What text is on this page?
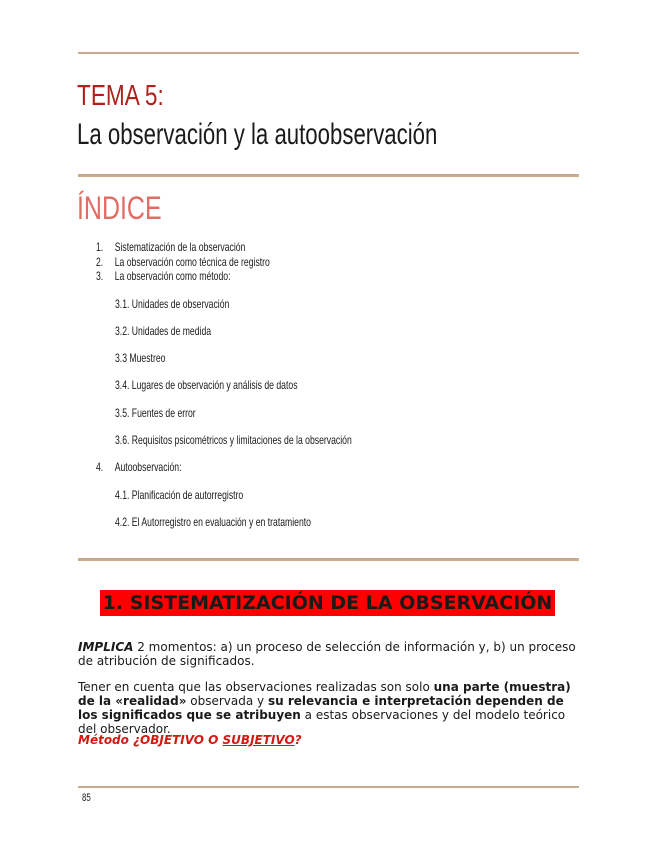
TEMA 5:
La observación y la autoobservación
ÍNDICE
1. Sistematización de la observación
2. La observación como técnica de registro
3. La observación como método:
3.1. Unidades de observación
3.2. Unidades de medida
3.3 Muestreo
3.4. Lugares de observación y análisis de datos
3.5. Fuentes de error
3.6. Requisitos psicométricos y limitaciones de la observación
4. Autoobservación:
4.1. Planificación de autorregistro
4.2. El Autorregistro en evaluación y en tratamiento
1. SISTEMATIZACIÓN DE LA OBSERVACIÓN
IMPLICA 2 momentos: a) un proceso de selección de información y, b) un proceso de atribución de significados.
Tener en cuenta que las observaciones realizadas son solo una parte (muestra) de la «realidad» observada y su relevancia e interpretación dependen de los significados que se atribuyen a estas observaciones y del modelo teórico del observador.
Método ¿OBJETIVO O SUBJETIVO?
85
